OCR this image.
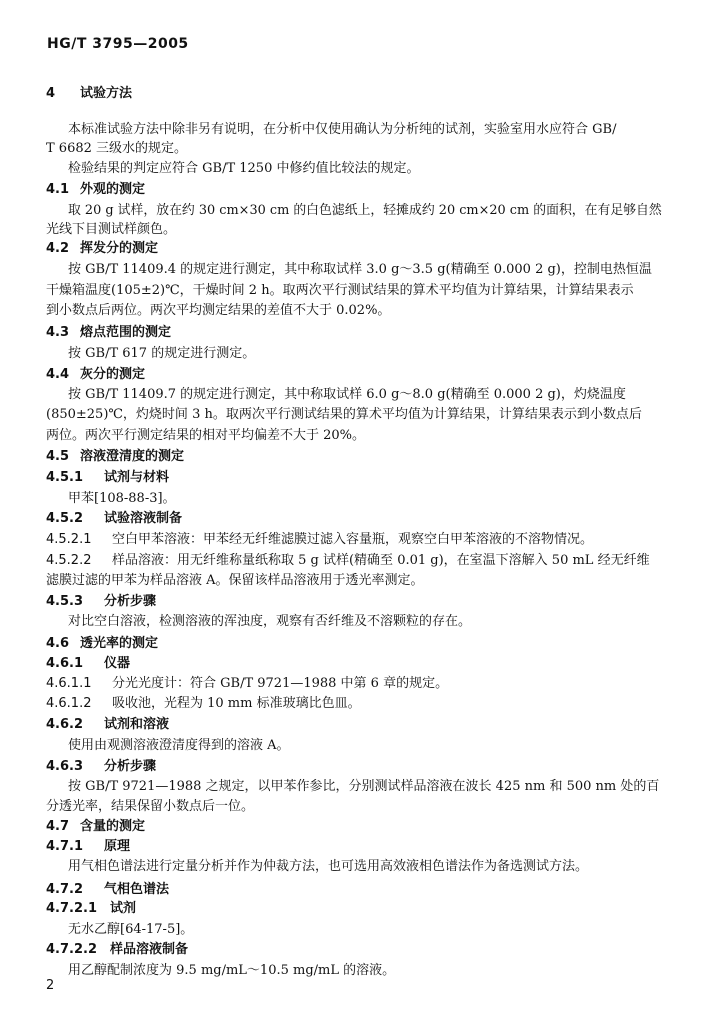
HG/T 3795—2005
4 试验方法
本标准试验方法中除非另有说明，在分析中仅使用确认为分析纯的试剂，实验室用水应符合 GB/
T 6682 三级水的规定。
检验结果的判定应符合 GB/T 1250 中修约值比较法的规定。
4.1 外观的测定
取 20 g 试样，放在约 30 cm×30 cm 的白色滤纸上，轻摊成约 20 cm×20 cm 的面积，在有足够自然
光线下目测试样颜色。
4.2 挥发分的测定
按 GB/T 11409.4 的规定进行测定，其中称取试样 3.0 g～3.5 g(精确至 0.000 2 g)，控制电热恒温
干燥箱温度(105±2)℃，干燥时间 2 h。取两次平行测试结果的算术平均值为计算结果，计算结果表示
到小数点后两位。两次平均测定结果的差值不大于 0.02%。
4.3 熔点范围的测定
按 GB/T 617 的规定进行测定。
4.4 灰分的测定
按 GB/T 11409.7 的规定进行测定，其中称取试样 6.0 g～8.0 g(精确至 0.000 2 g)，灼烧温度
(850±25)℃，灼烧时间 3 h。取两次平行测试结果的算术平均值为计算结果，计算结果表示到小数点后
两位。两次平行测定结果的相对平均偏差不大于 20%。
4.5 溶液澄清度的测定
4.5.1 试剂与材料
甲苯[108-88-3]。
4.5.2 试验溶液制备
4.5.2.1 空白甲苯溶液：甲苯经无纤维滤膜过滤入容量瓶，观察空白甲苯溶液的不溶物情况。
4.5.2.2 样品溶液：用无纤维称量纸称取 5 g 试样(精确至 0.01 g)，在室温下溶解入 50 mL 经无纤维
滤膜过滤的甲苯为样品溶液 A。保留该样品溶液用于透光率测定。
4.5.3 分析步骤
对比空白溶液，检测溶液的浑浊度，观察有否纤维及不溶颗粒的存在。
4.6 透光率的测定
4.6.1 仪器
4.6.1.1 分光光度计：符合 GB/T 9721—1988 中第 6 章的规定。
4.6.1.2 吸收池，光程为 10 mm 标准玻璃比色皿。
4.6.2 试剂和溶液
使用由观测溶液澄清度得到的溶液 A。
4.6.3 分析步骤
按 GB/T 9721—1988 之规定，以甲苯作参比，分别测试样品溶液在波长 425 nm 和 500 nm 处的百
分透光率，结果保留小数点后一位。
4.7 含量的测定
4.7.1 原理
用气相色谱法进行定量分析并作为仲裁方法，也可选用高效液相色谱法作为备选测试方法。
4.7.2 气相色谱法
4.7.2.1 试剂
无水乙醇[64-17-5]。
4.7.2.2 样品溶液制备
用乙醇配制浓度为 9.5 mg/mL～10.5 mg/mL 的溶液。
2
